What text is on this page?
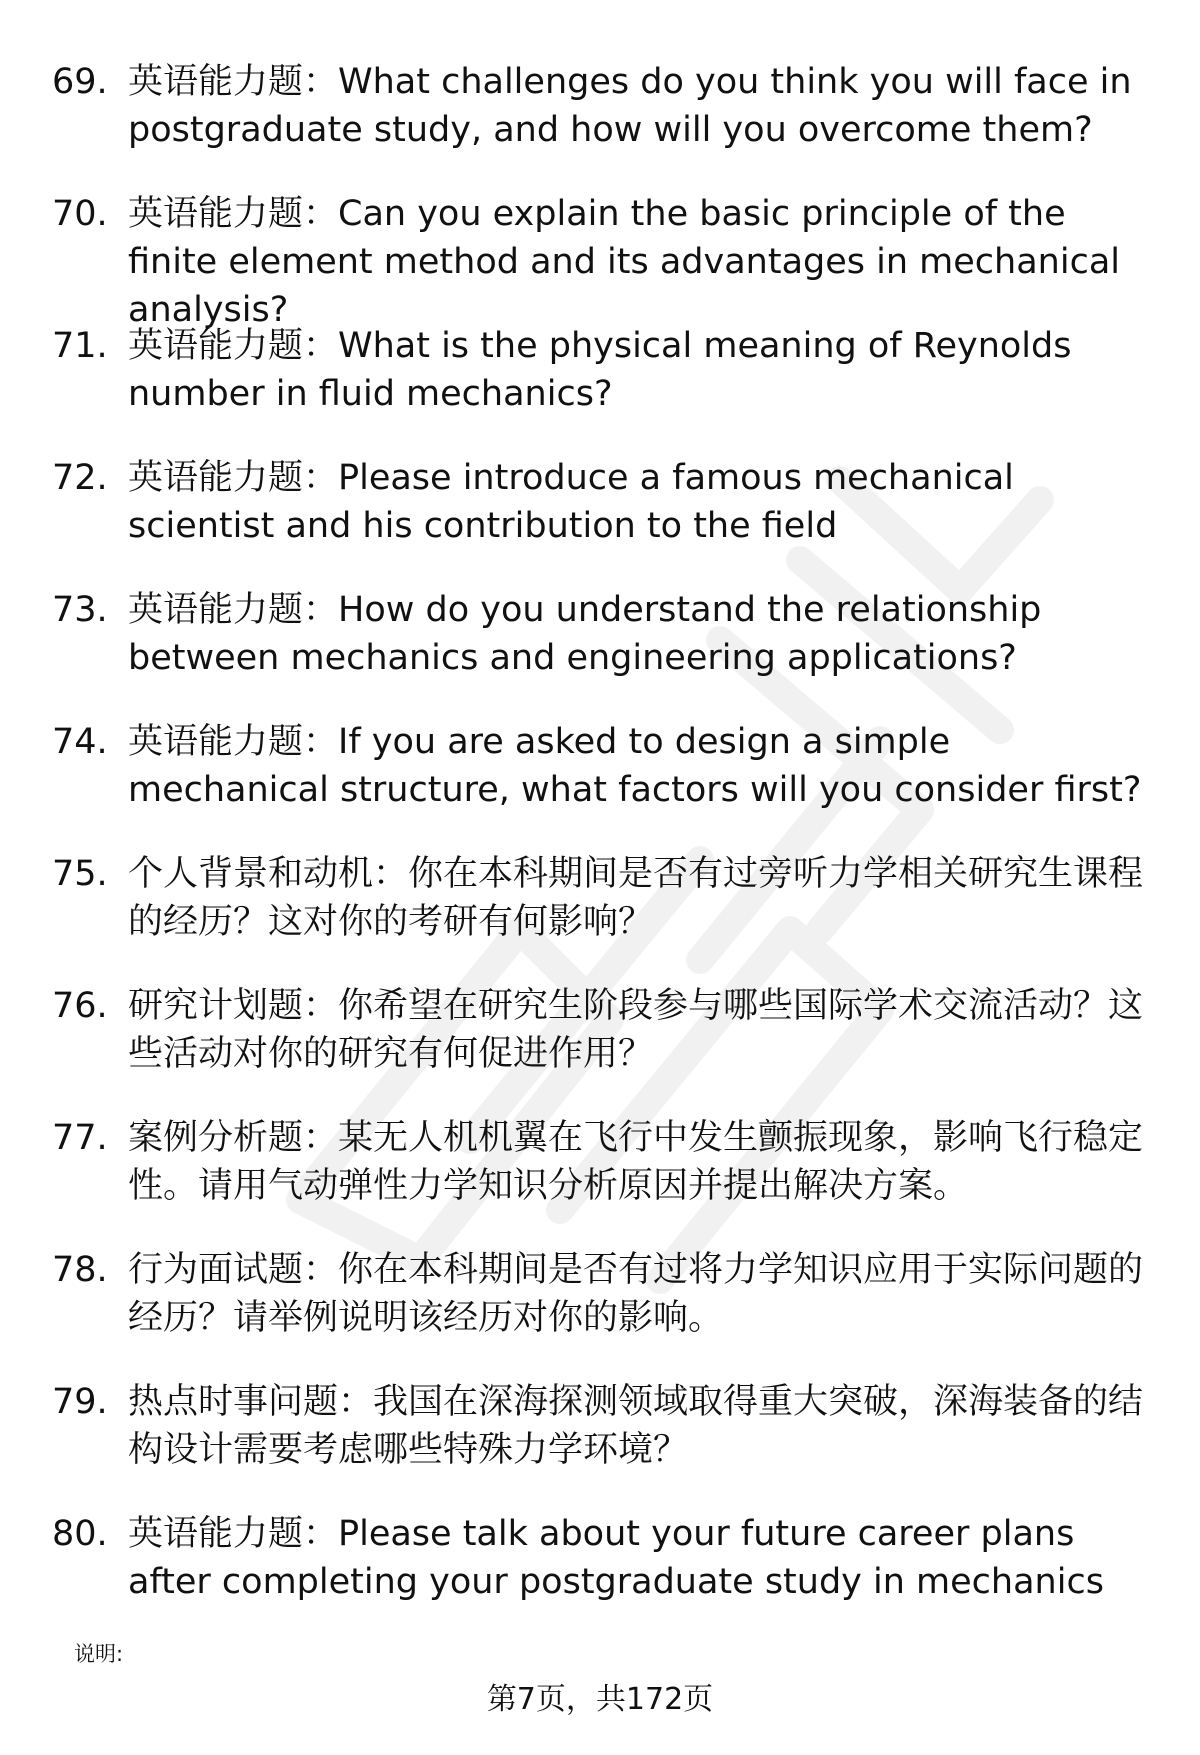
69. 英语能力题：What challenges do you think you will face in postgraduate study, and how will you overcome them?
70. 英语能力题：Can you explain the basic principle of the finite element method and its advantages in mechanical analysis?
71. 英语能力题：What is the physical meaning of Reynolds number in fluid mechanics?
72. 英语能力题：Please introduce a famous mechanical scientist and his contribution to the field
73. 英语能力题：How do you understand the relationship between mechanics and engineering applications?
74. 英语能力题：If you are asked to design a simple mechanical structure, what factors will you consider first?
75. 个人背景和动机：你在本科期间是否有过旁听力学相关研究生课程的经历？这对你的考研有何影响？
76. 研究计划题：你希望在研究生阶段参与哪些国际学术交流活动？这些活动对你的研究有何促进作用？
77. 案例分析题：某无人机机翼在飞行中发生颤振现象，影响飞行稳定性。请用气动弹性力学知识分析原因并提出解决方案。
78. 行为面试题：你在本科期间是否有过将力学知识应用于实际问题的经历？请举例说明该经历对你的影响。
79. 热点时事问题：我国在深海探测领域取得重大突破，深海装备的结构设计需要考虑哪些特殊力学环境？
80. 英语能力题：Please talk about your future career plans after completing your postgraduate study in mechanics
说明:
第7页，共172页
